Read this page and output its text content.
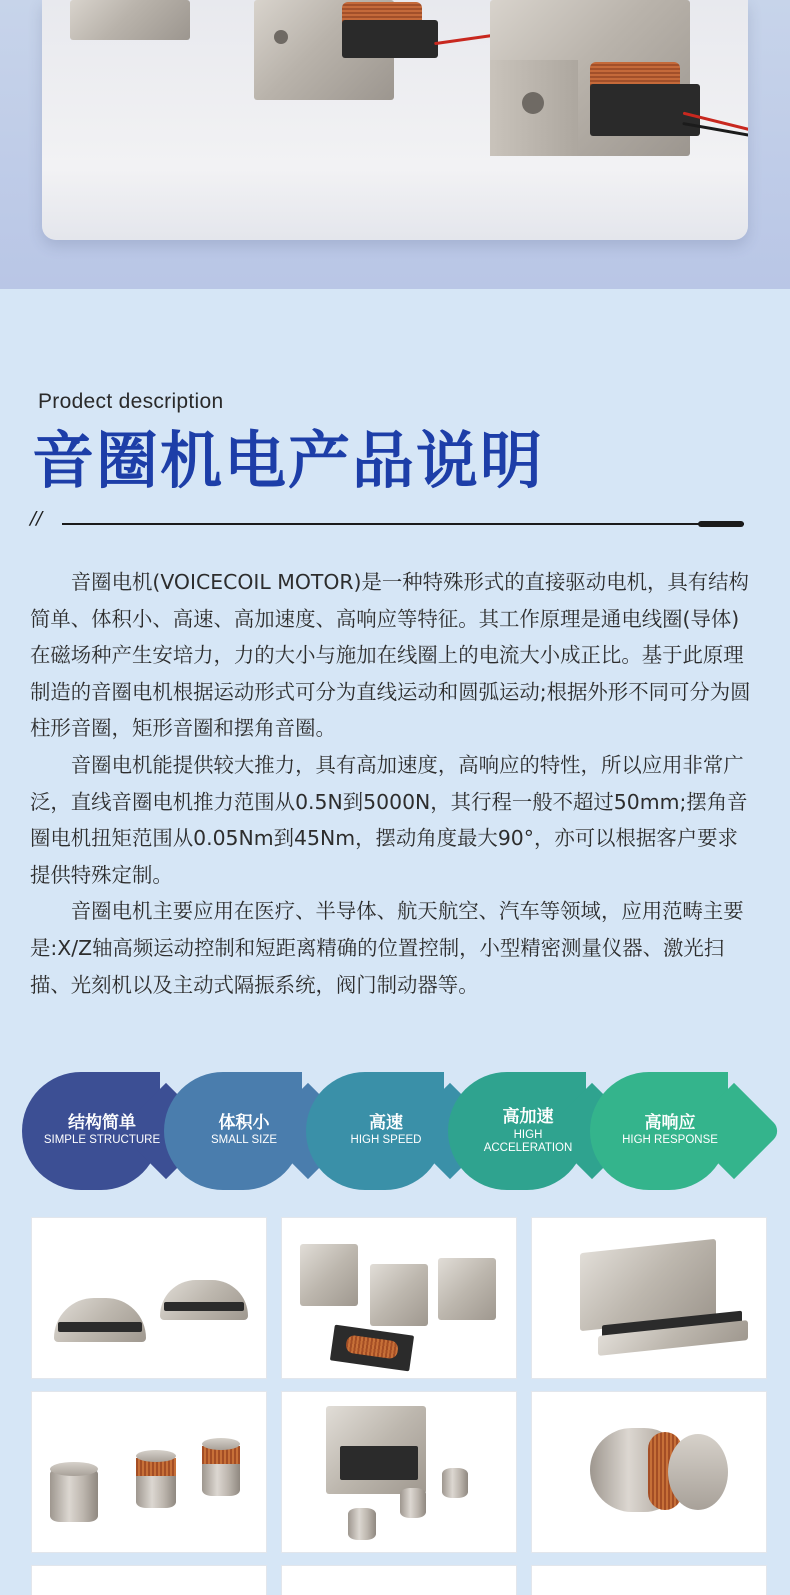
Prodect description
音圈机电产品说明
//

音圈电机(VOICECOIL MOTOR)是一种特殊形式的直接驱动电机，具有结构简单、体积小、高速、高加速度、高响应等特征。其工作原理是通电线圈(导体)在磁场种产生安培力，力的大小与施加在线圈上的电流大小成正比。基于此原理制造的音圈电机根据运动形式可分为直线运动和圆弧运动;根据外形不同可分为圆柱形音圈，矩形音圈和摆角音圈。

音圈电机能提供较大推力，具有高加速度，高响应的特性，所以应用非常广泛，直线音圈电机推力范围从0.5N到5000N，其行程一般不超过50mm;摆角音圈电机扭矩范围从0.05Nm到45Nm，摆动角度最大90°，亦可以根据客户要求提供特殊定制。

音圈电机主要应用在医疗、半导体、航天航空、汽车等领域，应用范畴主要是:X/Z轴高频运动控制和短距离精确的位置控制，小型精密测量仪器、激光扫描、光刻机以及主动式隔振系统，阀门制动器等。

结构简单
SIMPLE STRUCTURE
体积小
SMALL SIZE
高速
HIGH SPEED
高加速
HIGH
ACCELERATION
高响应
HIGH RESPONSE
